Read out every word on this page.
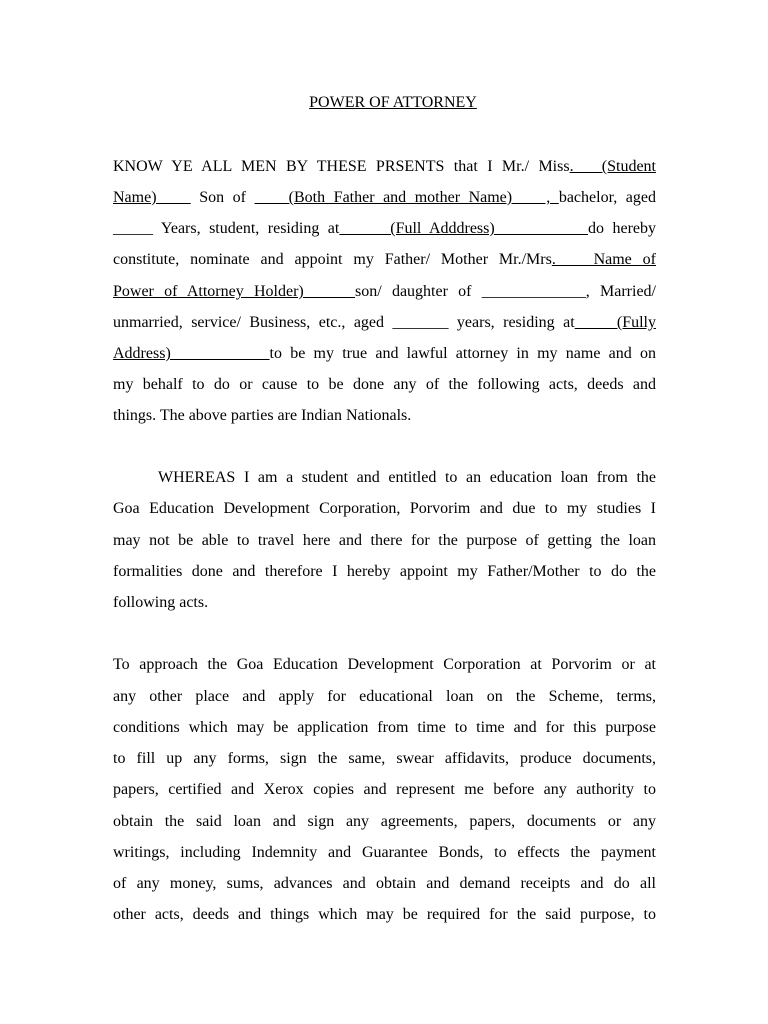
POWER OF ATTORNEY
KNOW YE ALL MEN BY THESE PRSENTS that I Mr./ Miss.   (Student
Name)     Son of     (Both Father and mother Name)    , bachelor, aged
_____ Years, student, residing at      (Full Adddress)           do hereby
constitute, nominate and appoint my Father/ Mother Mr./Mrs.  __Name of
Power of Attorney Holder)     son/ daughter of _____________, Married/
unmarried, service/ Business, etc., aged _______ years, residing at     (Fully
Address)            to be my true and lawful attorney in my name and on
my behalf to do or cause to be done any of the following acts, deeds and
things. The above parties are Indian Nationals.
WHEREAS I am a student and entitled to an education loan from the
Goa Education Development Corporation, Porvorim and due to my studies I
may not be able to travel here and there for the purpose of getting the loan
formalities done and therefore I hereby appoint my Father/Mother to do the
following acts.
To approach the Goa Education Development Corporation at Porvorim or at
any other place and apply for educational loan on the Scheme, terms,
conditions which may be application from time to time and for this purpose
to fill up any forms, sign the same, swear affidavits, produce documents,
papers, certified and Xerox copies and represent me before any authority to
obtain the said loan and sign any agreements, papers, documents or any
writings, including Indemnity and Guarantee Bonds, to effects the payment
of any money, sums, advances and obtain and demand receipts and do all
other acts, deeds and things which may be required for the said purpose, to
